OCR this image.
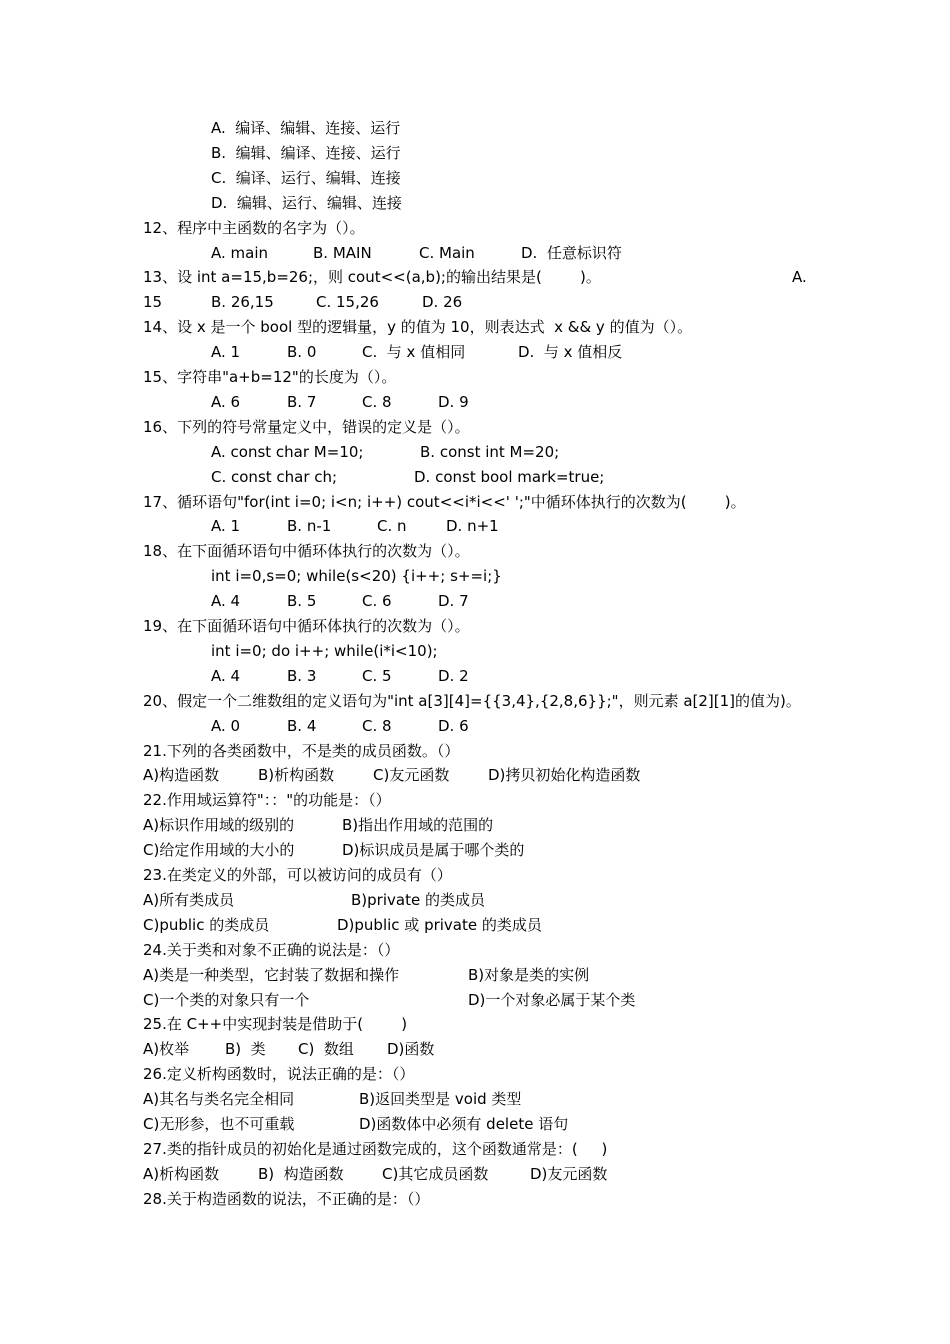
A.  编译、编辑、连接、运行
B.  编辑、编译、连接、运行
C.  编译、运行、编辑、连接
D.  编辑、运行、编辑、连接
12、程序中主函数的名字为（）。
A. main	B. MAIN	C. Main	D.  任意标识符
13、设 int a=15,b=26;，则 cout<<(a,b);的输出结果是(        )。	A.
15	B. 26,15	C. 15,26	D. 26
14、设 x 是一个 bool 型的逻辑量，y 的值为 10，则表达式  x && y 的值为（）。
A. 1	B. 0	C.  与 x 值相同	D.  与 x 值相反
15、字符串"a+b=12"的长度为（）。
A. 6	B. 7	C. 8	D. 9
16、下列的符号常量定义中，错误的定义是（）。
A. const char M=10;	B. const int M=20;
C. const char ch;	D. const bool mark=true;
17、循环语句"for(int i=0; i<n; i++) cout<<i*i<<' ';"中循环体执行的次数为(        )。
A. 1	B. n-1	C. n	D. n+1
18、在下面循环语句中循环体执行的次数为（）。
int i=0,s=0; while(s<20) {i++; s+=i;}
A. 4	B. 5	C. 6	D. 7
19、在下面循环语句中循环体执行的次数为（）。
int i=0; do i++; while(i*i<10);
A. 4	B. 3	C. 5	D. 2
20、假定一个二维数组的定义语句为"int a[3][4]={{3,4},{2,8,6}};"，则元素 a[2][1]的值为)。
A. 0	B. 4	C. 8	D. 6
21.下列的各类函数中，不是类的成员函数。（）
A)构造函数	B)析构函数	C)友元函数	D)拷贝初始化构造函数
22.作用域运算符"：："的功能是：（）
A)标识作用域的级别的	B)指出作用域的范围的
C)给定作用域的大小的	D)标识成员是属于哪个类的
23.在类定义的外部，可以被访问的成员有（）
A)所有类成员	B)private 的类成员
C)public 的类成员	D)public 或 private 的类成员
24.关于类和对象不正确的说法是：（）
A)类是一种类型，它封装了数据和操作	B)对象是类的实例
C)一个类的对象只有一个	D)一个对象必属于某个类
25.在 C++中实现封装是借助于(        )
A)枚举 B)  类 C)  数组 D)函数
26.定义析构函数时，说法正确的是：（）
A)其名与类名完全相同	B)返回类型是 void 类型
C)无形参，也不可重载	D)函数体中必须有 delete 语句
27.类的指针成员的初始化是通过函数完成的，这个函数通常是：(     )
A)析构函数	B)  构造函数	C)其它成员函数	D)友元函数
28.关于构造函数的说法，不正确的是：（）
